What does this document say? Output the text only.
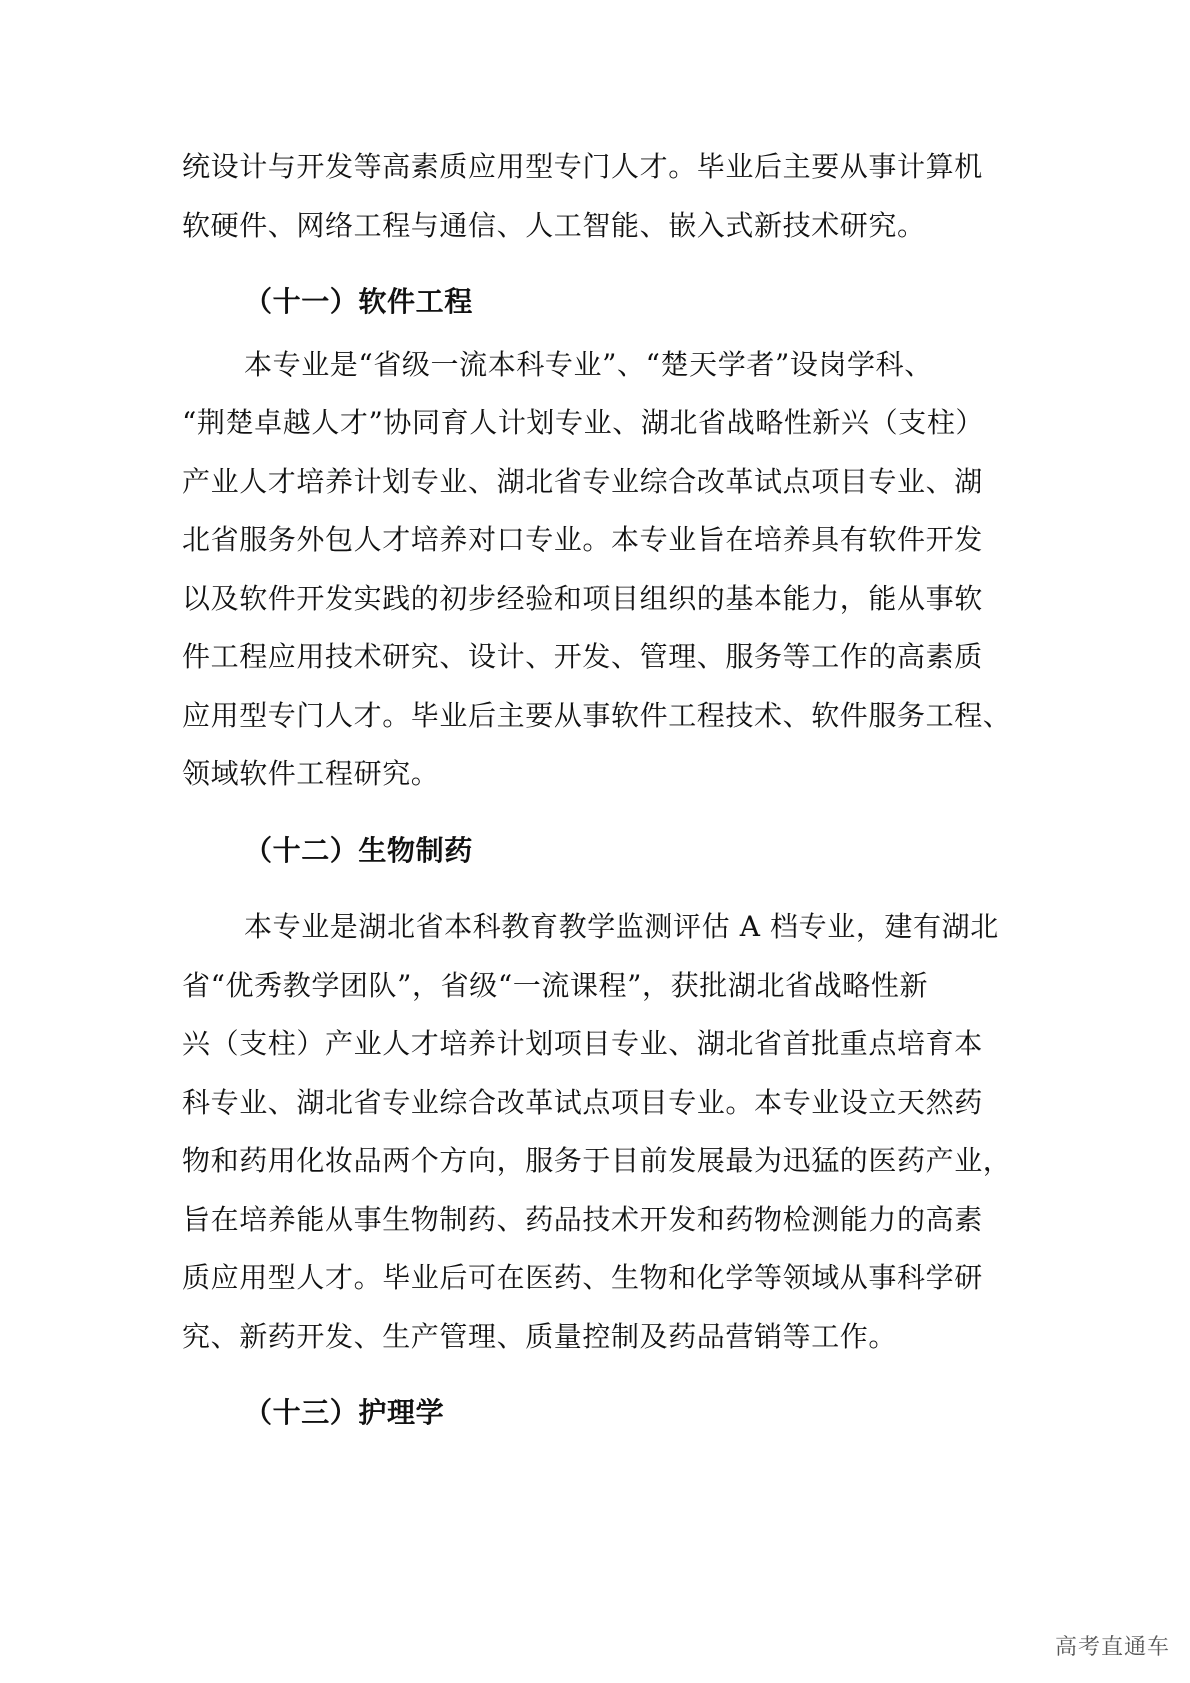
统设计与开发等高素质应用型专门人才。毕业后主要从事计算机
软硬件、网络工程与通信、人工智能、嵌入式新技术研究。
（十一）软件工程
本专业是“省级一流本科专业”、“楚天学者”设岗学科、
“荆楚卓越人才”协同育人计划专业、湖北省战略性新兴（支柱）
产业人才培养计划专业、湖北省专业综合改革试点项目专业、湖
北省服务外包人才培养对口专业。本专业旨在培养具有软件开发
以及软件开发实践的初步经验和项目组织的基本能力，能从事软
件工程应用技术研究、设计、开发、管理、服务等工作的高素质
应用型专门人才。毕业后主要从事软件工程技术、软件服务工程、
领域软件工程研究。
（十二）生物制药
本专业是湖北省本科教育教学监测评估 A 档专业，建有湖北
省“优秀教学团队”，省级“一流课程”，获批湖北省战略性新
兴（支柱）产业人才培养计划项目专业、湖北省首批重点培育本
科专业、湖北省专业综合改革试点项目专业。本专业设立天然药
物和药用化妆品两个方向，服务于目前发展最为迅猛的医药产业，
旨在培养能从事生物制药、药品技术开发和药物检测能力的高素
质应用型人才。毕业后可在医药、生物和化学等领域从事科学研
究、新药开发、生产管理、质量控制及药品营销等工作。
（十三）护理学
高考直通车
